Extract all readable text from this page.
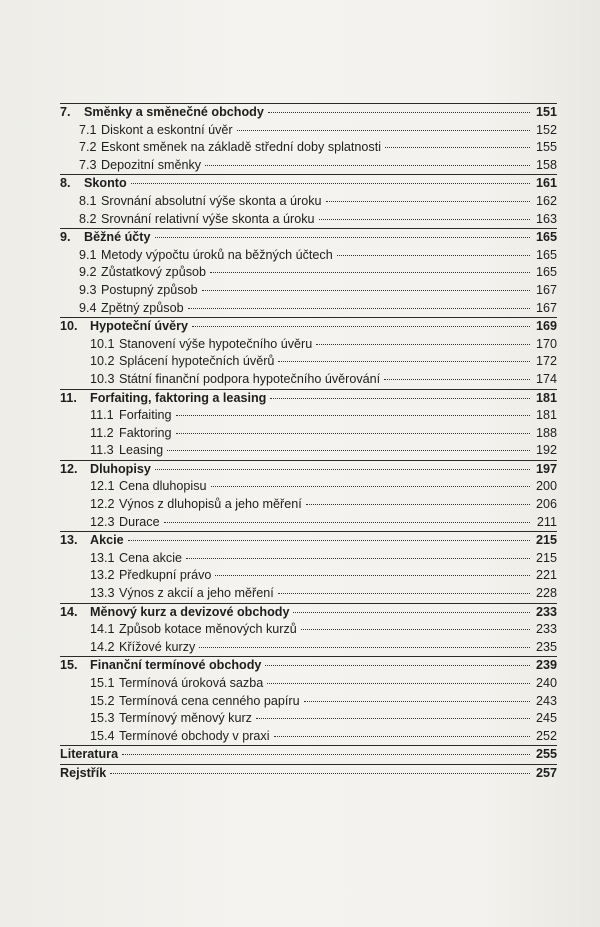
7.	Směnky a směnečné obchody	151
7.1 Diskont a eskontní úvěr	152
7.2 Eskont směnek na základě střední doby splatnosti	155
7.3 Depozitní směnky	158
8.	Skonto	161
8.1 Srovnání absolutní výše skonta a úroku	162
8.2 Srovnání relativní výše skonta a úroku	163
9.	Běžné účty	165
9.1 Metody výpočtu úroků na běžných účtech	165
9.2 Zůstatkový způsob	165
9.3 Postupný způsob	167
9.4 Zpětný způsob	167
10. Hypoteční úvěry	169
10.1 Stanovení výše hypotečního úvěru	170
10.2 Splácení hypotečních úvěrů	172
10.3 Státní finanční podpora hypotečního úvěrování	174
11.	Forfaiting, faktoring a leasing	181
11.1 Forfaiting	181
11.2 Faktoring	188
11.3 Leasing	192
12. Dluhopisy	197
12.1 Cena dluhopisu	200
12.2 Výnos z dluhopisů a jeho měření	206
12.3 Durace	211
13. Akcie	215
13.1 Cena akcie	215
13.2 Předkupní právo	221
13.3 Výnos z akcií a jeho měření	228
14. Měnový kurz a devizové obchody	233
14.1 Způsob kotace měnových kurzů	233
14.2 Křížové kurzy	235
15. Finanční termínové obchody	239
15.1 Termínová úroková sazba	240
15.2 Termínová cena cenného papíru	243
15.3 Termínový měnový kurz	245
15.4 Termínové obchody v praxi	252
Literatura	255
Rejstřík	257
